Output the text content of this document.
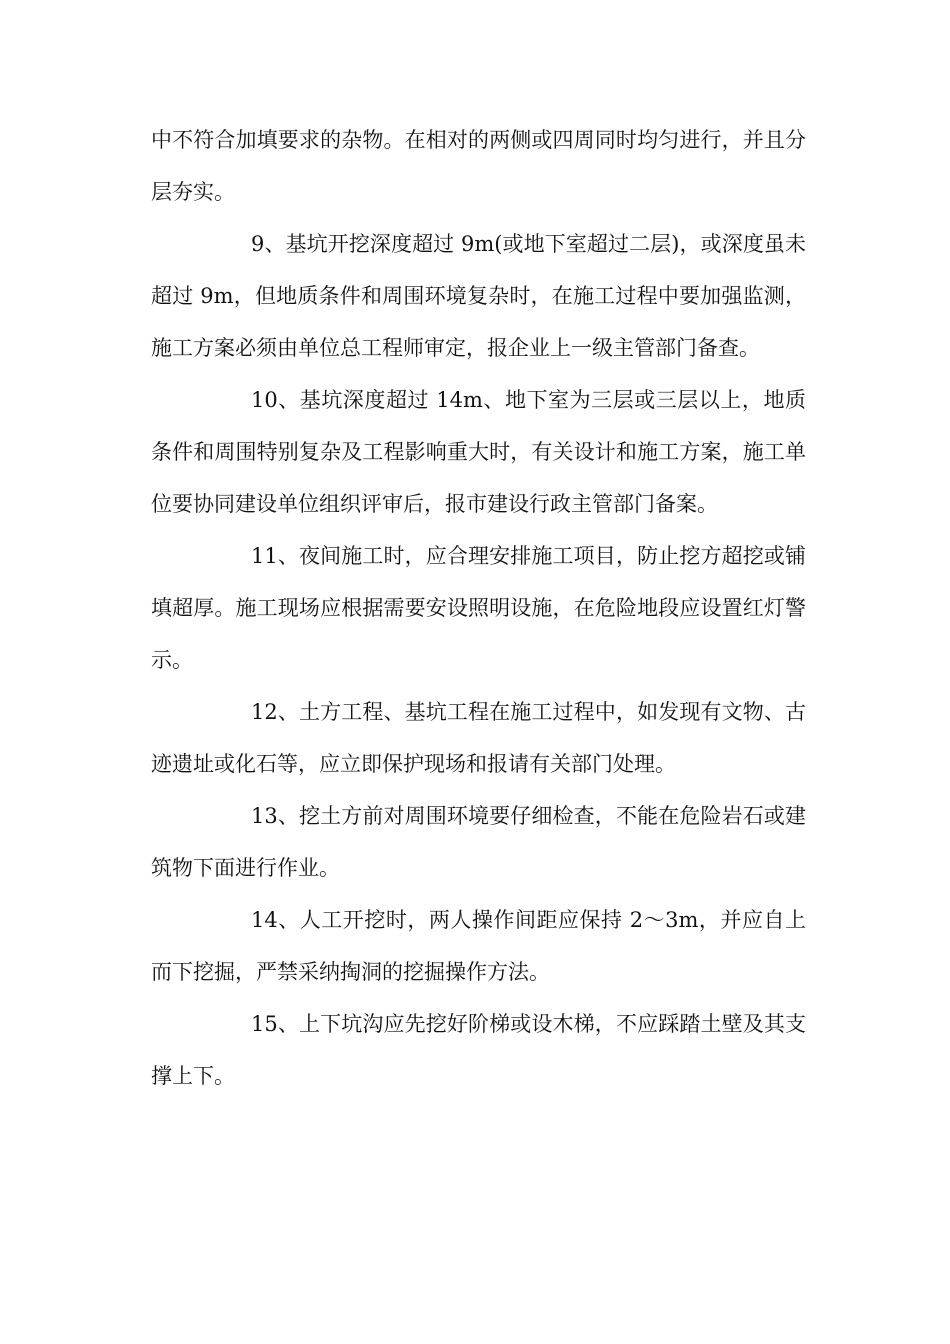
中不符合加填要求的杂物。在相对的两侧或四周同时均匀进行，并且分层夯实。

9、基坑开挖深度超过 9m(或地下室超过二层)，或深度虽未超过 9m，但地质条件和周围环境复杂时，在施工过程中要加强监测，施工方案必须由单位总工程师审定，报企业上一级主管部门备查。

10、基坑深度超过 14m、地下室为三层或三层以上，地质条件和周围特别复杂及工程影响重大时，有关设计和施工方案，施工单位要协同建设单位组织评审后，报市建设行政主管部门备案。

11、夜间施工时，应合理安排施工项目，防止挖方超挖或铺填超厚。施工现场应根据需要安设照明设施，在危险地段应设置红灯警示。

12、土方工程、基坑工程在施工过程中，如发现有文物、古迹遗址或化石等，应立即保护现场和报请有关部门处理。

13、挖土方前对周围环境要仔细检查，不能在危险岩石或建筑物下面进行作业。

14、人工开挖时，两人操作间距应保持 2～3m，并应自上而下挖掘，严禁采纳掏洞的挖掘操作方法。

15、上下坑沟应先挖好阶梯或设木梯，不应踩踏土壁及其支撑上下。
